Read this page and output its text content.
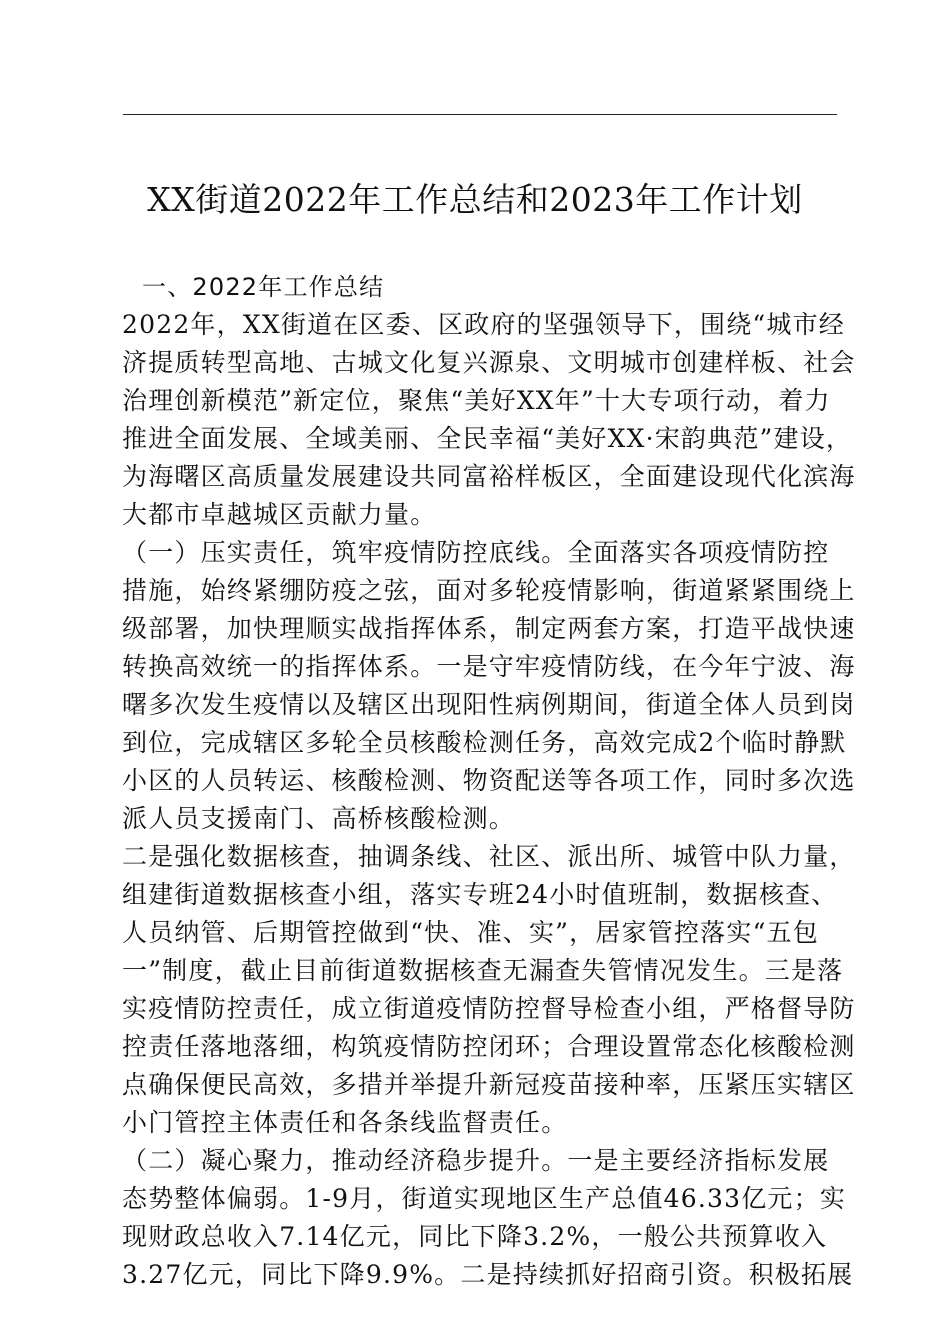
XX街道2022年工作总结和2023年工作计划
一、2022年工作总结
2022年，XX街道在区委、区政府的坚强领导下，围绕“城市经
济提质转型高地、古城文化复兴源泉、文明城市创建样板、社会
治理创新模范”新定位，聚焦“美好XX年”十大专项行动，着力
推进全面发展、全域美丽、全民幸福“美好XX·宋韵典范”建设，
为海曙区高质量发展建设共同富裕样板区，全面建设现代化滨海
大都市卓越城区贡献力量。
（一）压实责任，筑牢疫情防控底线。全面落实各项疫情防控
措施，始终紧绷防疫之弦，面对多轮疫情影响，街道紧紧围绕上
级部署，加快理顺实战指挥体系，制定两套方案，打造平战快速
转换高效统一的指挥体系。一是守牢疫情防线，在今年宁波、海
曙多次发生疫情以及辖区出现阳性病例期间，街道全体人员到岗
到位，完成辖区多轮全员核酸检测任务，高效完成2个临时静默
小区的人员转运、核酸检测、物资配送等各项工作，同时多次选
派人员支援南门、高桥核酸检测。
二是强化数据核查，抽调条线、社区、派出所、城管中队力量，
组建街道数据核查小组，落实专班24小时值班制，数据核查、
人员纳管、后期管控做到“快、准、实”，居家管控落实“五包
一”制度，截止目前街道数据核查无漏查失管情况发生。三是落
实疫情防控责任，成立街道疫情防控督导检查小组，严格督导防
控责任落地落细，构筑疫情防控闭环；合理设置常态化核酸检测
点确保便民高效，多措并举提升新冠疫苗接种率，压紧压实辖区
小门管控主体责任和各条线监督责任。
（二）凝心聚力，推动经济稳步提升。一是主要经济指标发展
态势整体偏弱。1-9月，街道实现地区生产总值46.33亿元；实
现财政总收入7.14亿元，同比下降3.2%，一般公共预算收入
3.27亿元，同比下降9.9%。二是持续抓好招商引资。积极拓展
